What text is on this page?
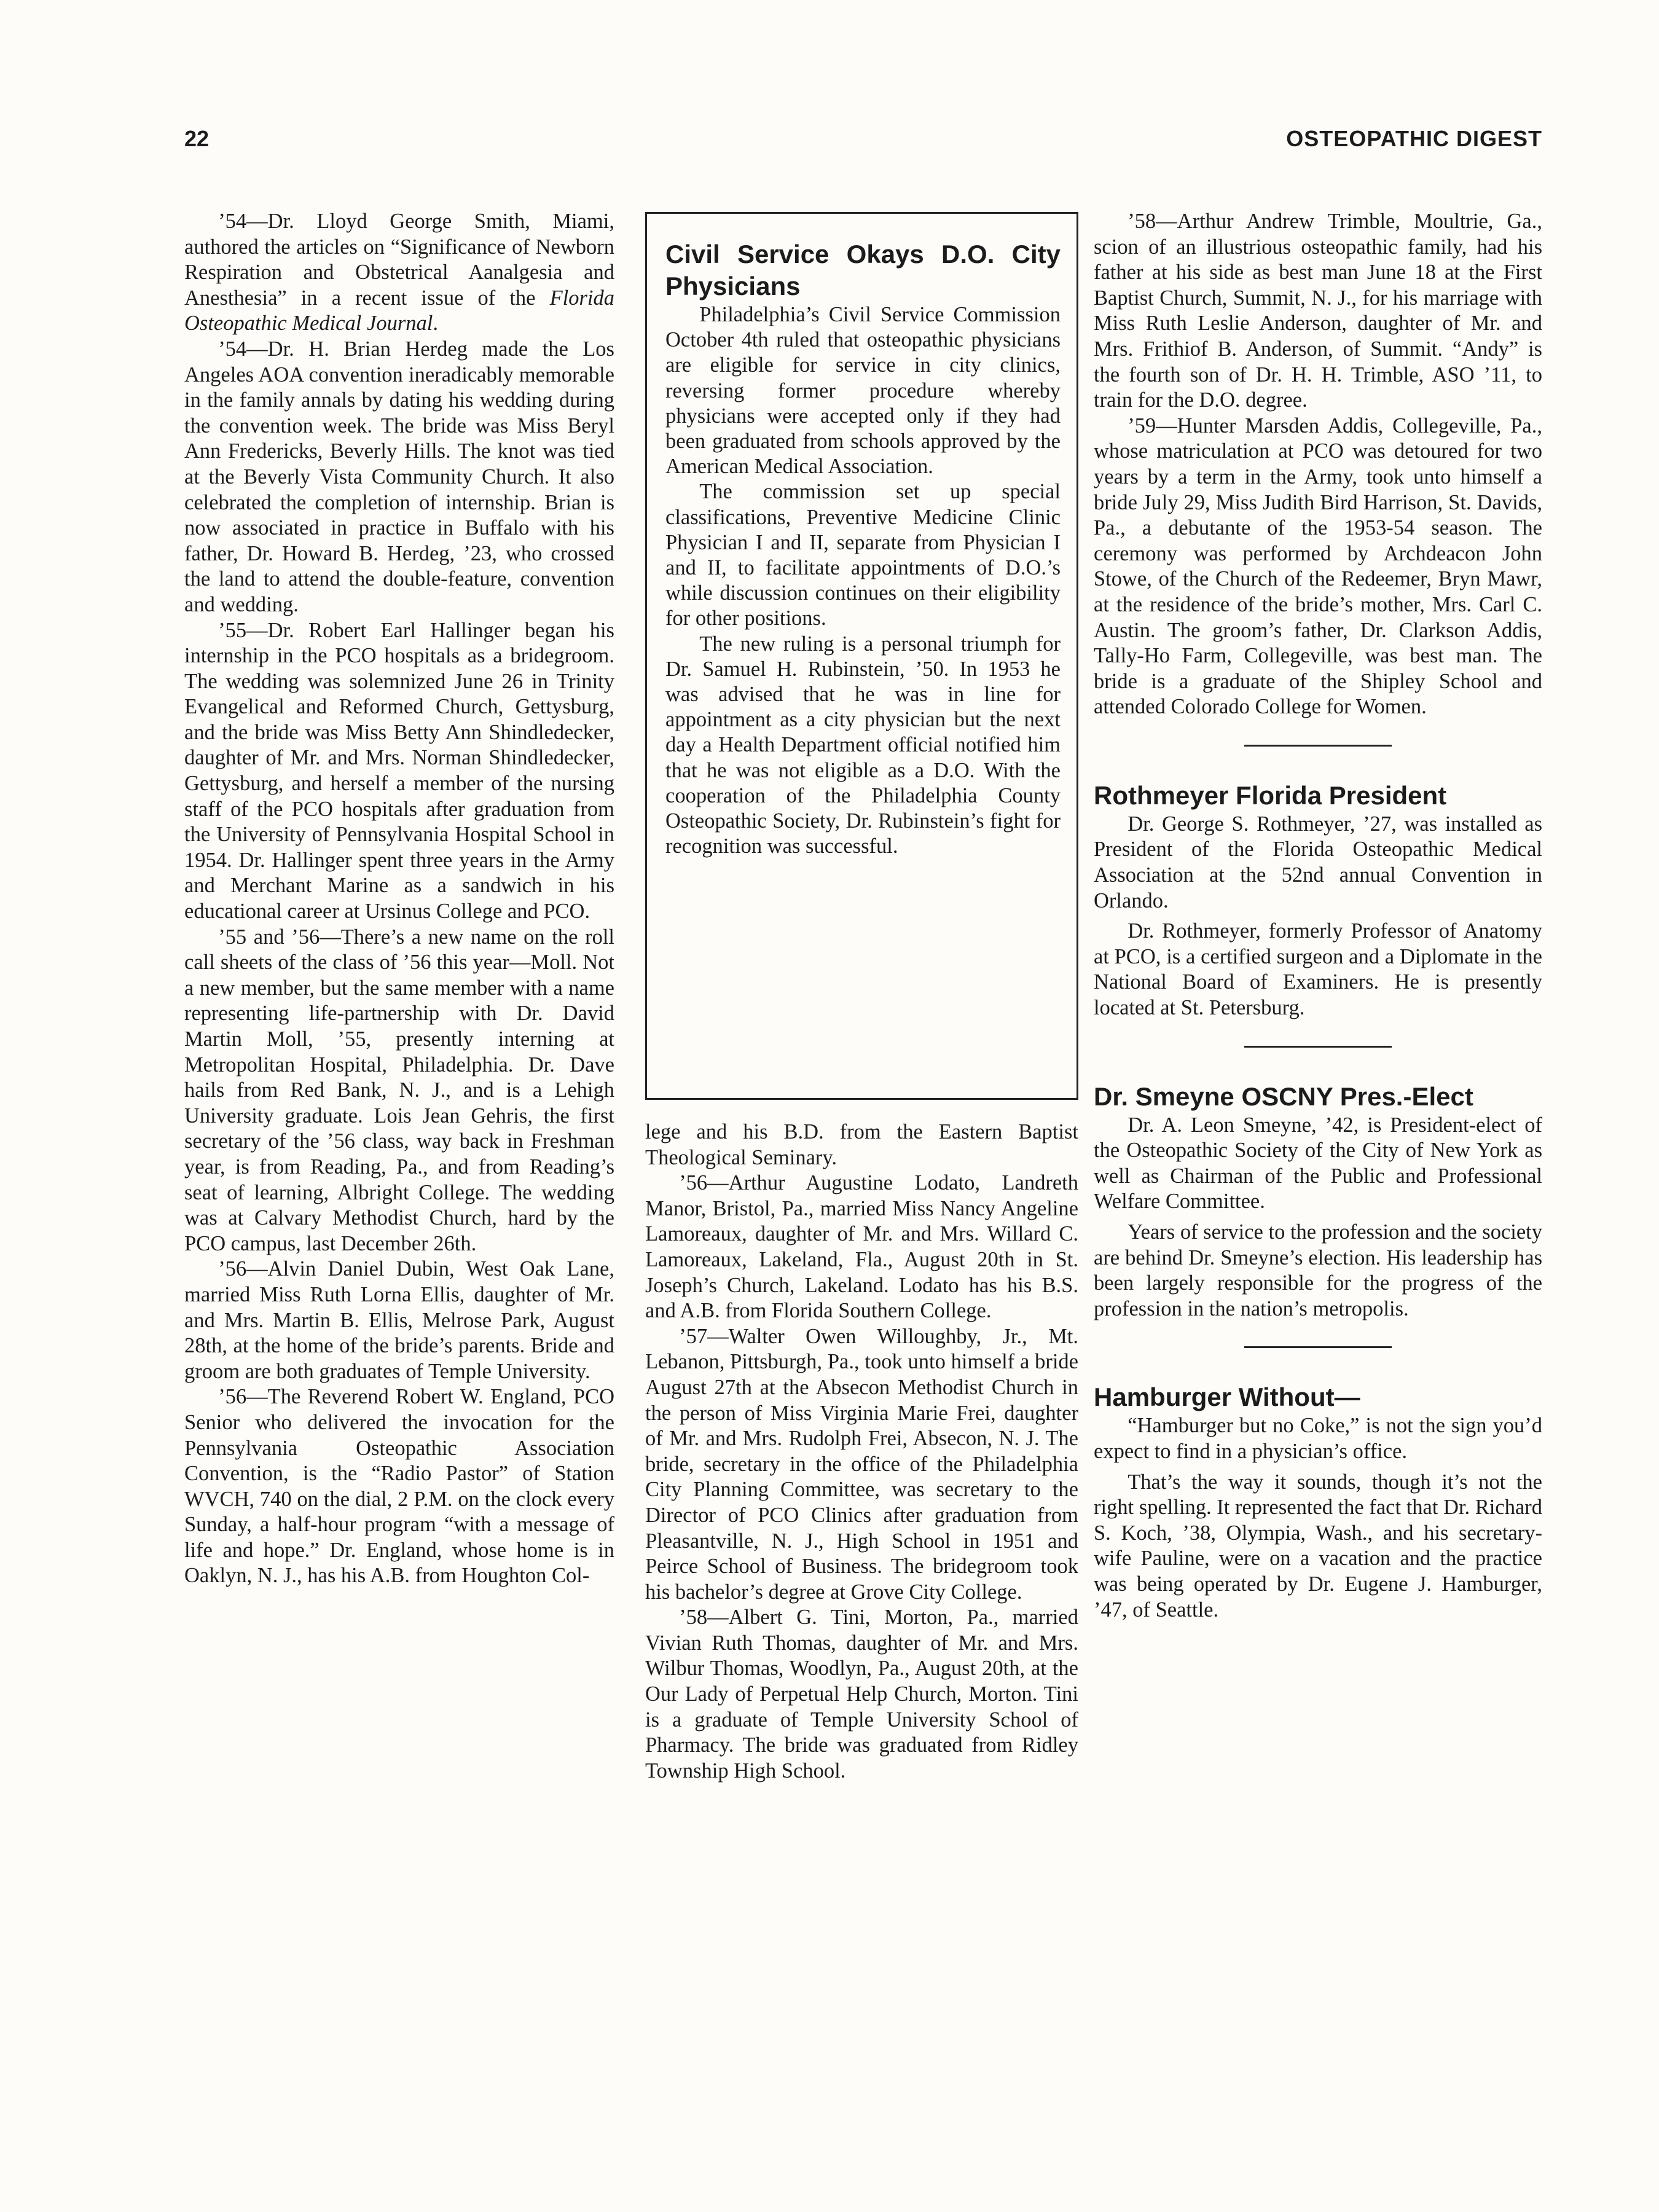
22	OSTEOPATHIC DIGEST

’54—Dr. Lloyd George Smith, Miami, authored the articles on “Significance of Newborn Respiration and Obstetrical Aanalgesia and Anesthesia” in a recent issue of the Florida Osteopathic Medical Journal.

’54—Dr. H. Brian Herdeg made the Los Angeles AOA convention ineradicably memorable in the family annals by dating his wedding during the convention week. The bride was Miss Beryl Ann Fredericks, Beverly Hills. The knot was tied at the Beverly Vista Community Church. It also celebrated the completion of internship. Brian is now associated in practice in Buffalo with his father, Dr. Howard B. Herdeg, ’23, who crossed the land to attend the double-feature, convention and wedding.

’55—Dr. Robert Earl Hallinger began his internship in the PCO hospitals as a bridegroom. The wedding was solemnized June 26 in Trinity Evangelical and Reformed Church, Gettysburg, and the bride was Miss Betty Ann Shindledecker, daughter of Mr. and Mrs. Norman Shindledecker, Gettysburg, and herself a member of the nursing staff of the PCO hospitals after graduation from the University of Pennsylvania Hospital School in 1954. Dr. Hallinger spent three years in the Army and Merchant Marine as a sandwich in his educational career at Ursinus College and PCO.

’55 and ’56—There’s a new name on the roll call sheets of the class of ’56 this year—Moll. Not a new member, but the same member with a name representing life-partnership with Dr. David Martin Moll, ’55, presently interning at Metropolitan Hospital, Philadelphia. Dr. Dave hails from Red Bank, N. J., and is a Lehigh University graduate. Lois Jean Gehris, the first secretary of the ’56 class, way back in Freshman year, is from Reading, Pa., and from Reading’s seat of learning, Albright College. The wedding was at Calvary Methodist Church, hard by the PCO campus, last December 26th.

’56—Alvin Daniel Dubin, West Oak Lane, married Miss Ruth Lorna Ellis, daughter of Mr. and Mrs. Martin B. Ellis, Melrose Park, August 28th, at the home of the bride’s parents. Bride and groom are both graduates of Temple University.

’56—The Reverend Robert W. England, PCO Senior who delivered the invocation for the Pennsylvania Osteopathic Association Convention, is the “Radio Pastor” of Station WVCH, 740 on the dial, 2 P.M. on the clock every Sunday, a half-hour program “with a message of life and hope.” Dr. England, whose home is in Oaklyn, N. J., has his A.B. from Houghton Col-

Civil Service Okays D.O. City Physicians

Philadelphia’s Civil Service Commission October 4th ruled that osteopathic physicians are eligible for service in city clinics, reversing former procedure whereby physicians were accepted only if they had been graduated from schools approved by the American Medical Association.

The commission set up special classifications, Preventive Medicine Clinic Physician I and II, separate from Physician I and II, to facilitate appointments of D.O.’s while discussion continues on their eligibility for other positions.

The new ruling is a personal triumph for Dr. Samuel H. Rubinstein, ’50. In 1953 he was advised that he was in line for appointment as a city physician but the next day a Health Department official notified him that he was not eligible as a D.O. With the cooperation of the Philadelphia County Osteopathic Society, Dr. Rubinstein’s fight for recognition was successful.

lege and his B.D. from the Eastern Baptist Theological Seminary.

’56—Arthur Augustine Lodato, Landreth Manor, Bristol, Pa., married Miss Nancy Angeline Lamoreaux, daughter of Mr. and Mrs. Willard C. Lamoreaux, Lakeland, Fla., August 20th in St. Joseph’s Church, Lakeland. Lodato has his B.S. and A.B. from Florida Southern College.

’57—Walter Owen Willoughby, Jr., Mt. Lebanon, Pittsburgh, Pa., took unto himself a bride August 27th at the Absecon Methodist Church in the person of Miss Virginia Marie Frei, daughter of Mr. and Mrs. Rudolph Frei, Absecon, N. J. The bride, secretary in the office of the Philadelphia City Planning Committee, was secretary to the Director of PCO Clinics after graduation from Pleasantville, N. J., High School in 1951 and Peirce School of Business. The bridegroom took his bachelor’s degree at Grove City College.

’58—Albert G. Tini, Morton, Pa., married Vivian Ruth Thomas, daughter of Mr. and Mrs. Wilbur Thomas, Woodlyn, Pa., August 20th, at the Our Lady of Perpetual Help Church, Morton. Tini is a graduate of Temple University School of Pharmacy. The bride was graduated from Ridley Township High School.

’58—Arthur Andrew Trimble, Moultrie, Ga., scion of an illustrious osteopathic family, had his father at his side as best man June 18 at the First Baptist Church, Summit, N. J., for his marriage with Miss Ruth Leslie Anderson, daughter of Mr. and Mrs. Frithiof B. Anderson, of Summit. “Andy” is the fourth son of Dr. H. H. Trimble, ASO ’11, to train for the D.O. degree.

’59—Hunter Marsden Addis, Collegeville, Pa., whose matriculation at PCO was detoured for two years by a term in the Army, took unto himself a bride July 29, Miss Judith Bird Harrison, St. Davids, Pa., a debutante of the 1953-54 season. The ceremony was performed by Archdeacon John Stowe, of the Church of the Redeemer, Bryn Mawr, at the residence of the bride’s mother, Mrs. Carl C. Austin. The groom’s father, Dr. Clarkson Addis, Tally-Ho Farm, Collegeville, was best man. The bride is a graduate of the Shipley School and attended Colorado College for Women.

Rothmeyer Florida President

Dr. George S. Rothmeyer, ’27, was installed as President of the Florida Osteopathic Medical Association at the 52nd annual Convention in Orlando.

Dr. Rothmeyer, formerly Professor of Anatomy at PCO, is a certified surgeon and a Diplomate in the National Board of Examiners. He is presently located at St. Petersburg.

Dr. Smeyne OSCNY Pres.-Elect

Dr. A. Leon Smeyne, ’42, is President-elect of the Osteopathic Society of the City of New York as well as Chairman of the Public and Professional Welfare Committee.

Years of service to the profession and the society are behind Dr. Smeyne’s election. His leadership has been largely responsible for the progress of the profession in the nation’s metropolis.

Hamburger Without—

“Hamburger but no Coke,” is not the sign you’d expect to find in a physician’s office.

That’s the way it sounds, though it’s not the right spelling. It represented the fact that Dr. Richard S. Koch, ’38, Olympia, Wash., and his secretary-wife Pauline, were on a vacation and the practice was being operated by Dr. Eugene J. Hamburger, ’47, of Seattle.
